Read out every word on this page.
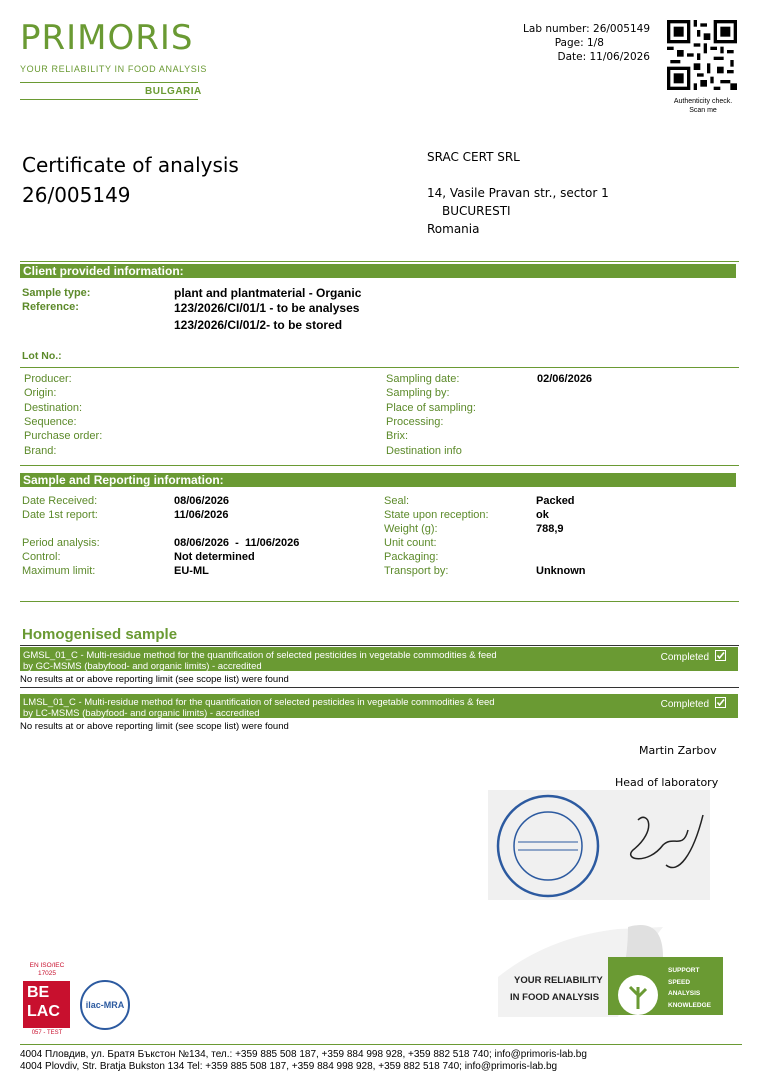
PRIMORIS
YOUR RELIABILITY IN FOOD ANALYSIS
BULGARIA
Lab number: 26/005149
Page: 1/8
Date: 11/06/2026
Authenticity check.
Scan me
Certificate of analysis
26/005149
SRAC CERT SRL
14, Vasile Pravan str., sector 1
BUCURESTI
Romania
Client provided information:
Sample type:	plant and plantmaterial - Organic
Reference:	123/2026/CI/01/1 - to be analyses
123/2026/CI/01/2- to be stored
Lot No.:
Producer:
Origin:
Destination:
Sequence:
Purchase order:
Brand:
Sampling date:	02/06/2026
Sampling by:
Place of sampling:
Processing:
Brix:
Destination info
Sample and Reporting information:
Date Received:	08/06/2026
Date 1st report:	11/06/2026
Period analysis:	08/06/2026  -  11/06/2026
Control:	Not determined
Maximum limit:	EU-ML
Seal:	Packed
State upon reception:	ok
Weight (g):	788,9
Unit count:
Packaging:
Transport by:	Unknown
Homogenised sample
GMSL_01_C - Multi-residue method for the quantification of selected pesticides in vegetable commodities & feed
by GC-MSMS (babyfood- and organic limits) - accredited
Completed
No results at or above reporting limit (see scope list) were found
LMSL_01_C - Multi-residue method for the quantification of selected pesticides in vegetable commodities & feed
by LC-MSMS (babyfood- and organic limits) - accredited
Completed
No results at or above reporting limit (see scope list) were found
Martin Zarbov
Head of laboratory
EN ISO/IEC
17025
BE
LAC
057 - TEST
ilac-MRA
YOUR RELIABILITY
IN FOOD ANALYSIS
SUPPORT
SPEED
ANALYSIS
KNOWLEDGE
4004 Пловдив, ул. Братя Бъкстон №134, тел.: +359 885 508 187, +359 884 998 928, +359 882 518 740; info@primoris-lab.bg
4004 Plovdiv, Str. Bratja Bukston 134 Tel: +359 885 508 187, +359 884 998 928, +359 882 518 740; info@primoris-lab.bg
